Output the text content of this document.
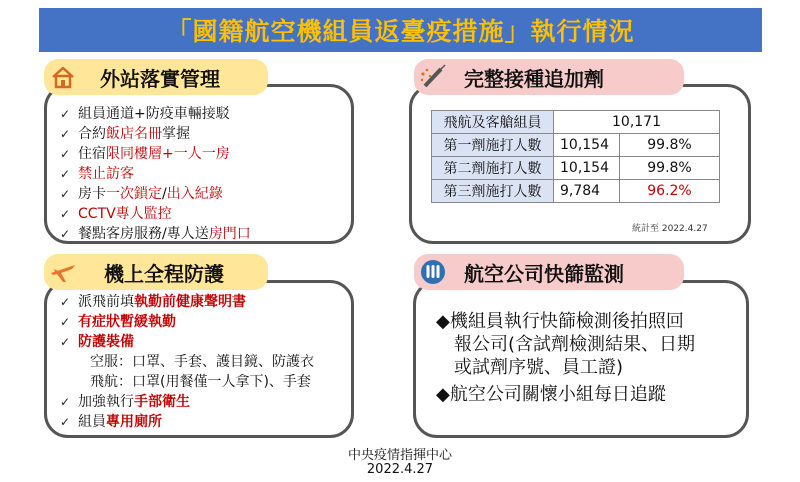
「國籍航空機組員返臺疫措施」執行情況
外站落實管理
✓ 組員通道+防疫車輛接駁
✓ 合約飯店名冊掌握
✓ 住宿限同樓層+一人一房
✓ 禁止訪客
✓ 房卡一次鎖定/出入紀錄
✓ CCTV專人監控
✓ 餐點客房服務/專人送房門口
完整接種追加劑
飛航及客艙組員	10,171	
第一劑施打人數	10,154	99.8%
第二劑施打人數	10,154	99.8%
第三劑施打人數	9,784	96.2%
統計至 2022.4.27
機上全程防護
✓ 派飛前填執勤前健康聲明書
✓ 有症狀暫緩執勤
✓ 防護裝備
空服：口罩、手套、護目鏡、防護衣
飛航：口罩(用餐僅一人拿下)、手套
✓ 加強執行手部衛生
✓ 組員專用廁所
航空公司快篩監測
◆機組員執行快篩檢測後拍照回
報公司(含試劑檢測結果、日期
或試劑序號、員工證)
◆航空公司關懷小組每日追蹤
中央疫情指揮中心
2022.4.27
